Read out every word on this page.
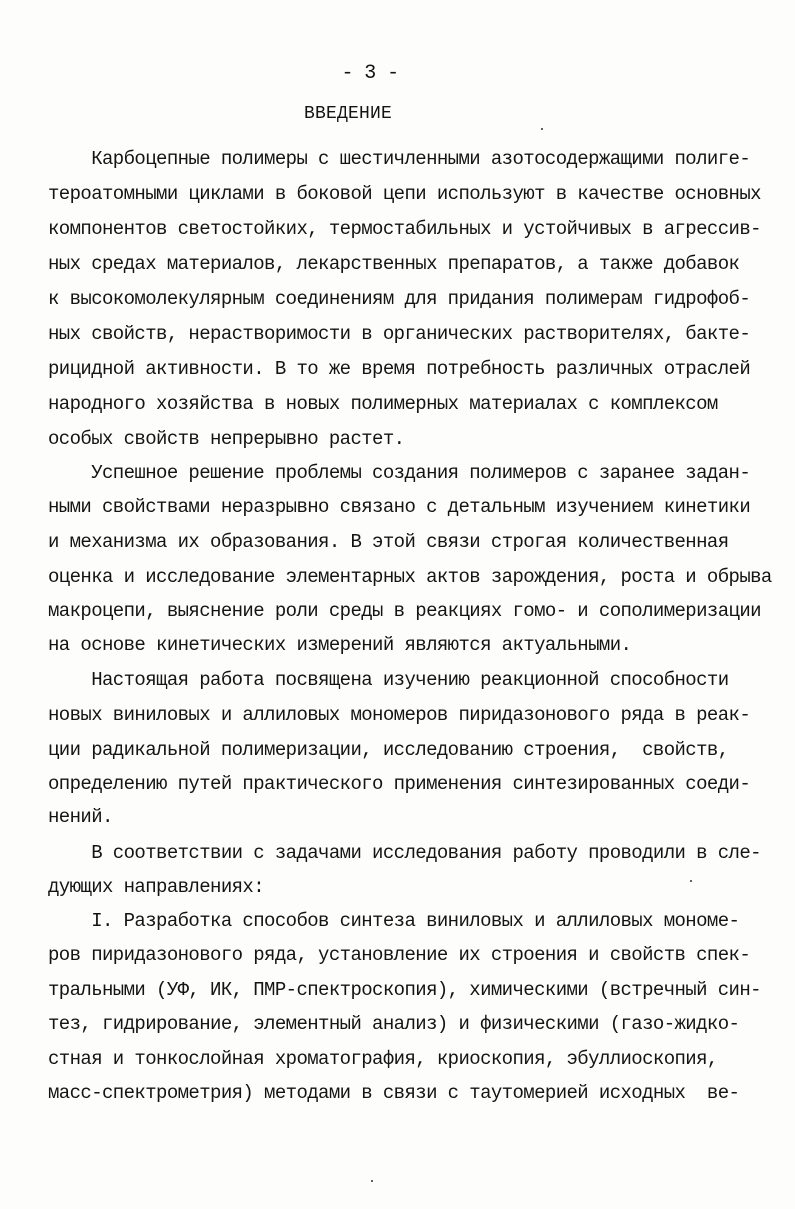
- 3 -
ВВЕДЕНИЕ
Карбоцепные полимеры с шестичленными азотосодержащими полиге-
тероатомными циклами в боковой цепи используют в качестве основных
компонентов светостойких, термостабильных и устойчивых в агрессив-
ных средах материалов, лекарственных препаратов, а также добавок
к высокомолекулярным соединениям для придания полимерам гидрофоб-
ных свойств, нерастворимости в органических растворителях, бакте-
рицидной активности. В то же время потребность различных отраслей
народного хозяйства в новых полимерных материалах с комплексом
особых свойств непрерывно растет.
Успешное решение проблемы создания полимеров с заранее задан-
ными свойствами неразрывно связано с детальным изучением кинетики
и механизма их образования. В этой связи строгая количественная
оценка и исследование элементарных актов зарождения, роста и обрыва
макроцепи, выяснение роли среды в реакциях гомо- и сополимеризации
на основе кинетических измерений являются актуальными.
Настоящая работа посвящена изучению реакционной способности
новых виниловых и аллиловых мономеров пиридазонового ряда в реак-
ции радикальной полимеризации, исследованию строения,  свойств,
определению путей практического применения синтезированных соеди-
нений.
В соответствии с задачами исследования работу проводили в сле-
дующих направлениях:
I. Разработка способов синтеза виниловых и аллиловых мономе-
ров пиридазонового ряда, установление их строения и свойств спек-
тральными (УФ, ИК, ПМР-спектроскопия), химическими (встречный син-
тез, гидрирование, элементный анализ) и физическими (газо-жидко-
стная и тонкослойная хроматография, криоскопия, эбуллиоскопия,
масс-спектрометрия) методами в связи с таутомерией исходных  ве-
